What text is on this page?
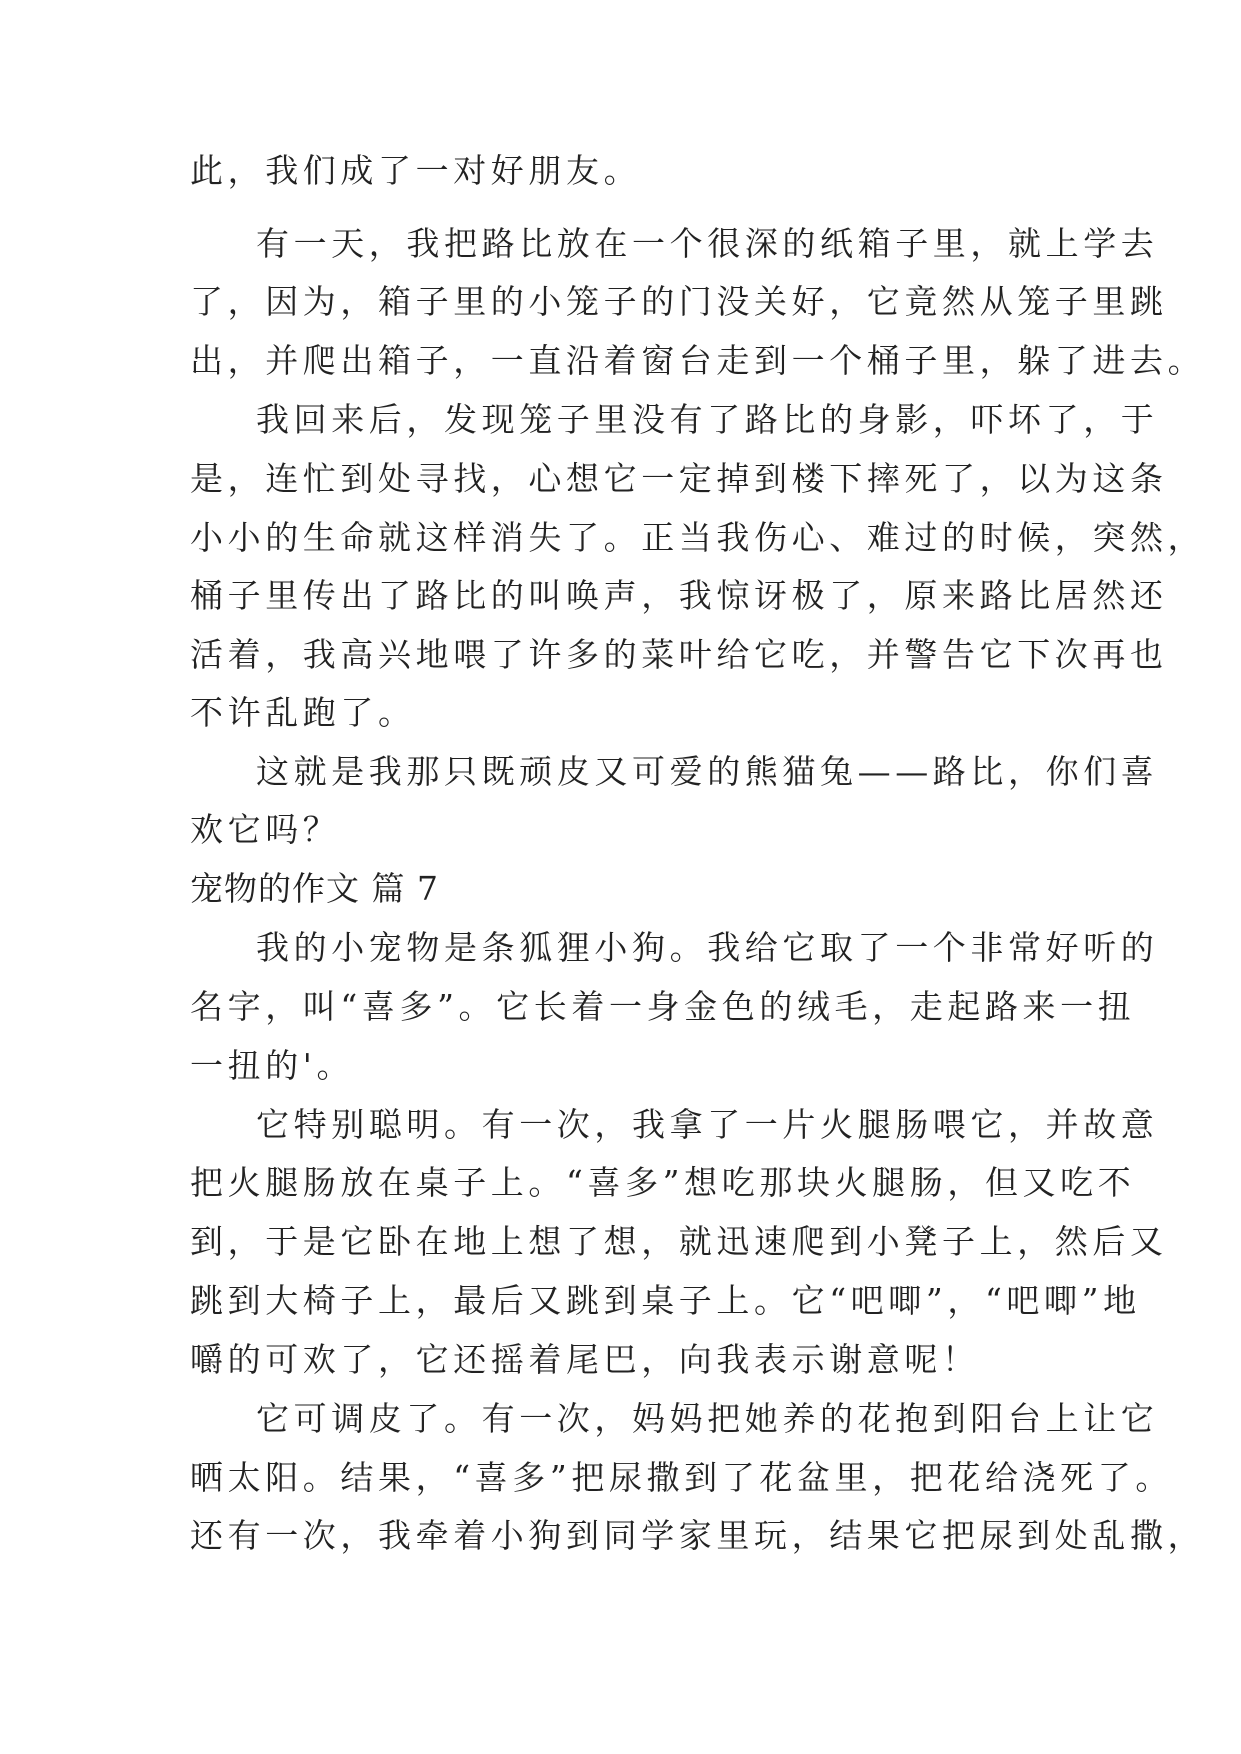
此，我们成了一对好朋友。
有一天，我把路比放在一个很深的纸箱子里，就上学去
了，因为，箱子里的小笼子的门没关好，它竟然从笼子里跳
出，并爬出箱子，一直沿着窗台走到一个桶子里，躲了进去。
我回来后，发现笼子里没有了路比的身影，吓坏了，于
是，连忙到处寻找，心想它一定掉到楼下摔死了，以为这条
小小的生命就这样消失了。正当我伤心、难过的时候，突然，
桶子里传出了路比的叫唤声，我惊讶极了，原来路比居然还
活着，我高兴地喂了许多的菜叶给它吃，并警告它下次再也
不许乱跑了。
这就是我那只既顽皮又可爱的熊猫兔——路比，你们喜
欢它吗？
宠物的作文 篇 7
我的小宠物是条狐狸小狗。我给它取了一个非常好听的
名字，叫“喜多”。它长着一身金色的绒毛，走起路来一扭
一扭的'。
它特别聪明。有一次，我拿了一片火腿肠喂它，并故意
把火腿肠放在桌子上。“喜多”想吃那块火腿肠，但又吃不
到，于是它卧在地上想了想，就迅速爬到小凳子上，然后又
跳到大椅子上，最后又跳到桌子上。它“吧唧”，“吧唧”地
嚼的可欢了，它还摇着尾巴，向我表示谢意呢！
它可调皮了。有一次，妈妈把她养的花抱到阳台上让它
晒太阳。结果，“喜多”把尿撒到了花盆里，把花给浇死了。
还有一次，我牵着小狗到同学家里玩，结果它把尿到处乱撒，
